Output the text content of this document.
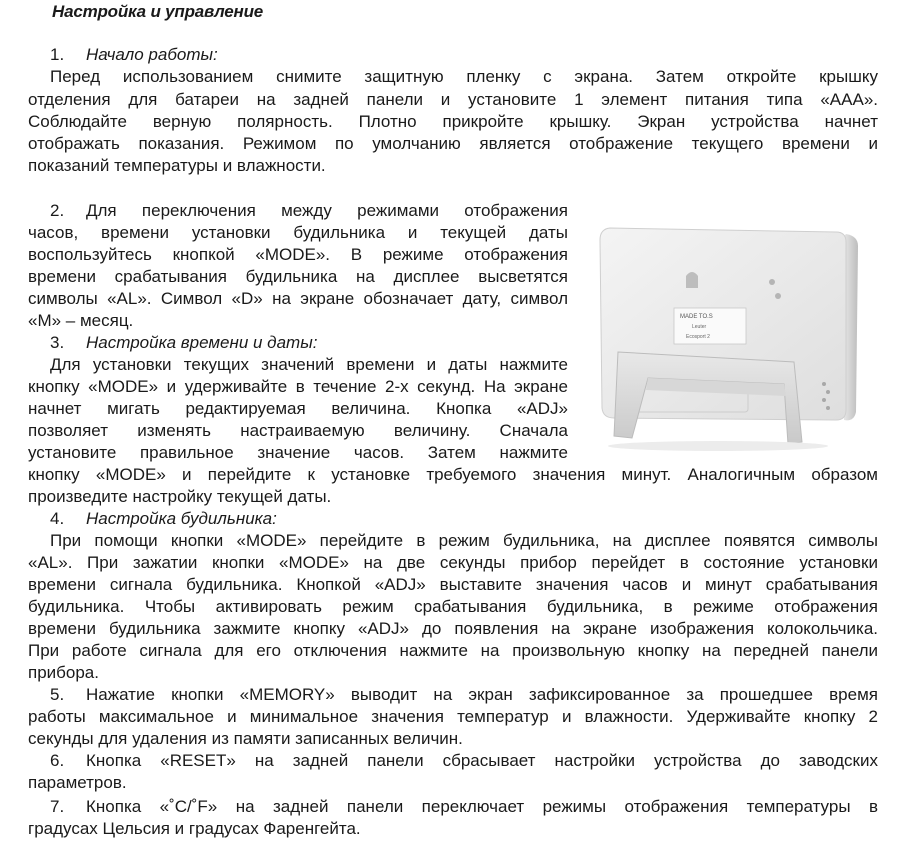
Настройка и управление
1. Начало работы:
Перед использованием снимите защитную пленку с экрана. Затем откройте крышку
отделения для батареи на задней панели и установите 1 элемент питания типа «ААА».
Соблюдайте верную полярность. Плотно прикройте крышку. Экран устройства начнет
отображать показания. Режимом по умолчанию является отображение текущего времени и
показаний температуры и влажности.
2. Для переключения между режимами отображения
часов, времени установки будильника и текущей даты
воспользуйтесь кнопкой «MODE». В режиме отображения
времени срабатывания будильника на дисплее высветятся
символы «AL». Символ «D» на экране обозначает дату, символ
«M» – месяц.
3. Настройка времени и даты:
Для установки текущих значений времени и даты нажмите
кнопку «MODE» и удерживайте в течение 2-х секунд. На экране
начнет мигать редактируемая величина. Кнопка «ADJ»
позволяет изменять настраиваемую величину. Сначала
установите правильное значение часов. Затем нажмите
кнопку «MODE» и перейдите к установке требуемого значения минут. Аналогичным образом
произведите настройку текущей даты.
4. Настройка будильника:
При помощи кнопки «MODE» перейдите в режим будильника, на дисплее появятся символы
«AL». При зажатии кнопки «MODE» на две секунды прибор перейдет в состояние установки
времени сигнала будильника. Кнопкой «ADJ» выставите значения часов и минут срабатывания
будильника. Чтобы активировать режим срабатывания будильника, в режиме отображения
времени будильника зажмите кнопку «ADJ» до появления на экране изображения колокольчика.
При работе сигнала для его отключения нажмите на произвольную кнопку на передней панели
прибора.
5. Нажатие кнопки «MEMORY» выводит на экран зафиксированное за прошедшее время
работы максимальное и минимальное значения температур и влажности. Удерживайте кнопку 2
секунды для удаления из памяти записанных величин.
6. Кнопка «RESET» на задней панели сбрасывает настройки устройства до заводских
параметров.
7. Кнопка «˚C/˚F» на задней панели переключает режимы отображения температуры в
градусах Цельсия и градусах Фаренгейта.
MADE TO.S
Leuter
Ecosport 2
